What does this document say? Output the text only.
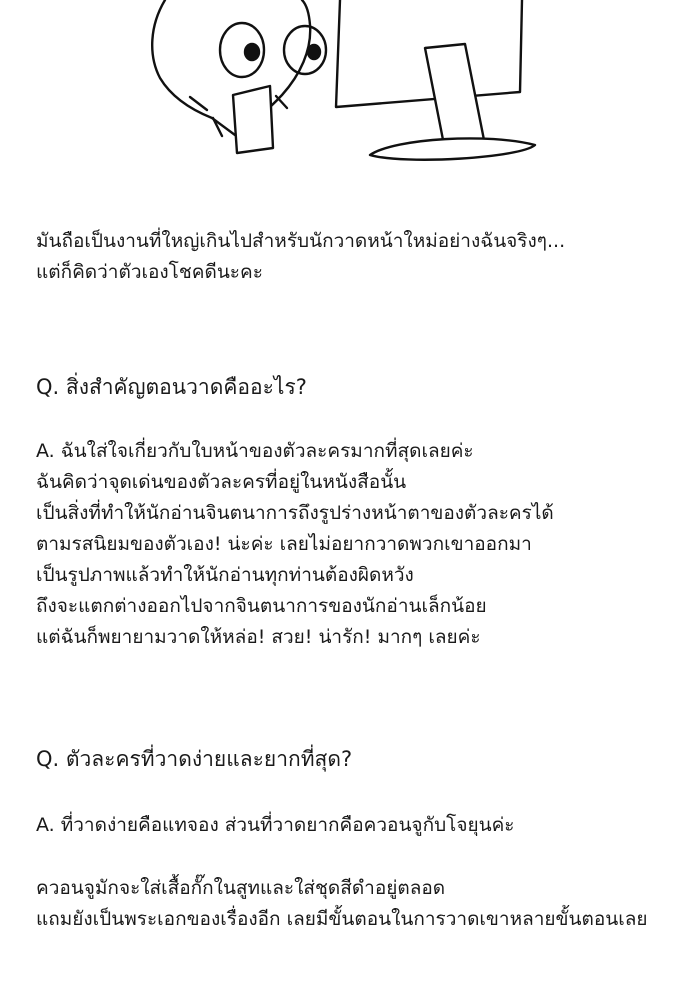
มันถือเป็นงานที่ใหญ่เกินไปสำหรับนักวาดหน้าใหม่อย่างฉันจริงๆ...
แต่ก็คิดว่าตัวเองโชคดีนะคะ
Q. สิ่งสำคัญตอนวาดคืออะไร?
A. ฉันใส่ใจเกี่ยวกับใบหน้าของตัวละครมากที่สุดเลยค่ะ
ฉันคิดว่าจุดเด่นของตัวละครที่อยู่ในหนังสือนั้น
เป็นสิ่งที่ทำให้นักอ่านจินตนาการถึงรูปร่างหน้าตาของตัวละครได้
ตามรสนิยมของตัวเอง! น่ะค่ะ เลยไม่อยากวาดพวกเขาออกมา
เป็นรูปภาพแล้วทำให้นักอ่านทุกท่านต้องผิดหวัง
ถึงจะแตกต่างออกไปจากจินตนาการของนักอ่านเล็กน้อย
แต่ฉันก็พยายามวาดให้หล่อ! สวย! น่ารัก! มากๆ เลยค่ะ
Q. ตัวละครที่วาดง่ายและยากที่สุด?
A. ที่วาดง่ายคือแทจอง ส่วนที่วาดยากคือควอนจูกับโจยุนค่ะ
ควอนจูมักจะใส่เสื้อกั๊กในสูทและใส่ชุดสีดำอยู่ตลอด
แถมยังเป็นพระเอกของเรื่องอีก เลยมีขั้นตอนในการวาดเขาหลายขั้นตอนเลย
